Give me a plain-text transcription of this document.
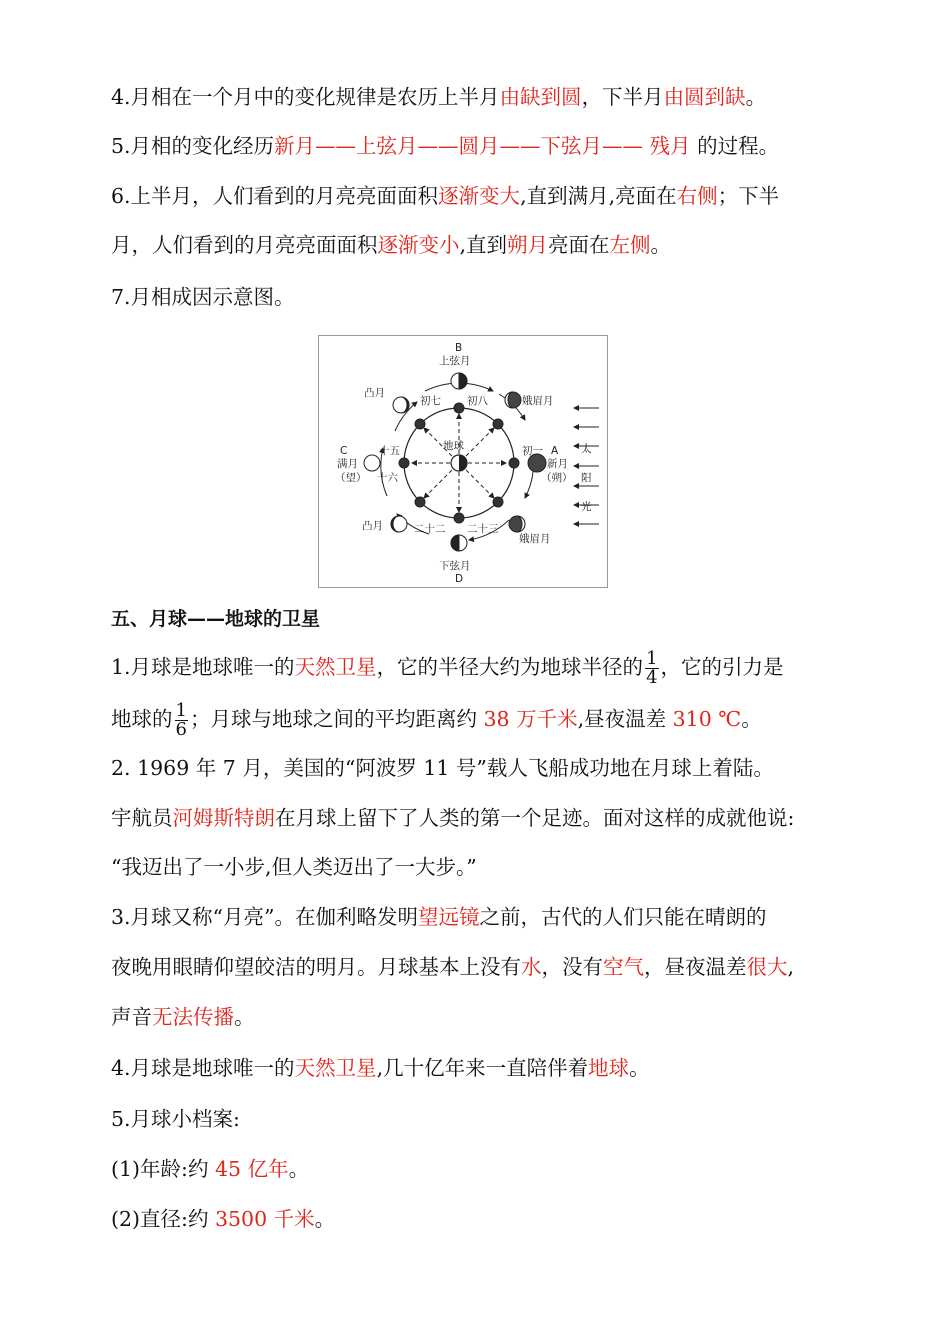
4.月相在一个月中的变化规律是农历上半月由缺到圆，下半月由圆到缺。
5.月相的变化经历新月——上弦月——圆月——下弦月—— 残月 的过程。
6.上半月，人们看到的月亮亮面面积逐渐变大,直到满月,亮面在右侧；下半
月，人们看到的月亮亮面面积逐渐变小,直到朔月亮面在左侧。
7.月相成因示意图。
B
上弦月
凸月
娥眉月
初七 初八
C	十五	地球	初一 A
满月	新月
（望） 十六	（朔）
太
阳
光
凸月	二十二 二十三
娥眉月
下弦月
D
五、月球——地球的卫星
1.月球是地球唯一的天然卫星，它的半径大约为地球半径的 $\frac{1}{4}$ ，它的引力是
地球的 $\frac{1}{6}$ ；月球与地球之间的平均距离约 38 万千米,昼夜温差 310 ℃。
2. 1969 年 7 月，美国的“阿波罗 11 号”载人飞船成功地在月球上着陆。
宇航员河姆斯特朗在月球上留下了人类的第一个足迹。面对这样的成就他说:
“我迈出了一小步,但人类迈出了一大步。”
3.月球又称“月亮”。在伽利略发明望远镜之前，古代的人们只能在晴朗的
夜晚用眼睛仰望皎洁的明月。月球基本上没有水，没有空气，昼夜温差很大,
声音无法传播。
4.月球是地球唯一的天然卫星,几十亿年来一直陪伴着地球。
5.月球小档案:
(1)年龄:约 45 亿年。
(2)直径:约 3500 千米。
